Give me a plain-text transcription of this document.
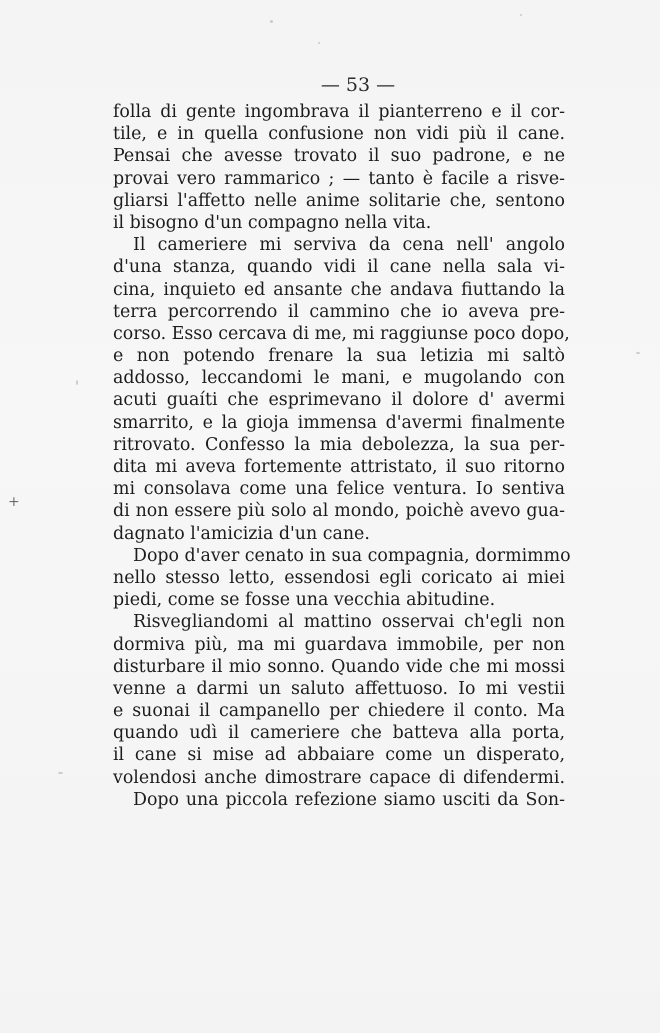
+
— 53 —
folla di gente ingombrava il pianterreno e il cor-
tile, e in quella confusione non vidi più il cane.
Pensai che avesse trovato il suo padrone, e ne
provai vero rammarico ; — tanto è facile a risve-
gliarsi l'affetto nelle anime solitarie che, sentono
il bisogno d'un compagno nella vita.
Il cameriere mi serviva da cena nell' angolo
d'una stanza, quando vidi il cane nella sala vi-
cina, inquieto ed ansante che andava fiuttando la
terra percorrendo il cammino che io aveva pre-
corso. Esso cercava di me, mi raggiunse poco dopo,
e non potendo frenare la sua letizia mi saltò
addosso, leccandomi le mani, e mugolando con
acuti guaíti che esprimevano il dolore d' avermi
smarrito, e la gioja immensa d'avermi finalmente
ritrovato. Confesso la mia debolezza, la sua per-
dita mi aveva fortemente attristato, il suo ritorno
mi consolava come una felice ventura. Io sentiva
di non essere più solo al mondo, poichè avevo gua-
dagnato l'amicizia d'un cane.
Dopo d'aver cenato in sua compagnia, dormimmo
nello stesso letto, essendosi egli coricato ai miei
piedi, come se fosse una vecchia abitudine.
Risvegliandomi al mattino osservai ch'egli non
dormiva più, ma mi guardava immobile, per non
disturbare il mio sonno. Quando vide che mi mossi
venne a darmi un saluto affettuoso. Io mi vestii
e suonai il campanello per chiedere il conto. Ma
quando udì il cameriere che batteva alla porta,
il cane si mise ad abbaiare come un disperato,
volendosi anche dimostrare capace di difendermi.
Dopo una piccola refezione siamo usciti da Son-
